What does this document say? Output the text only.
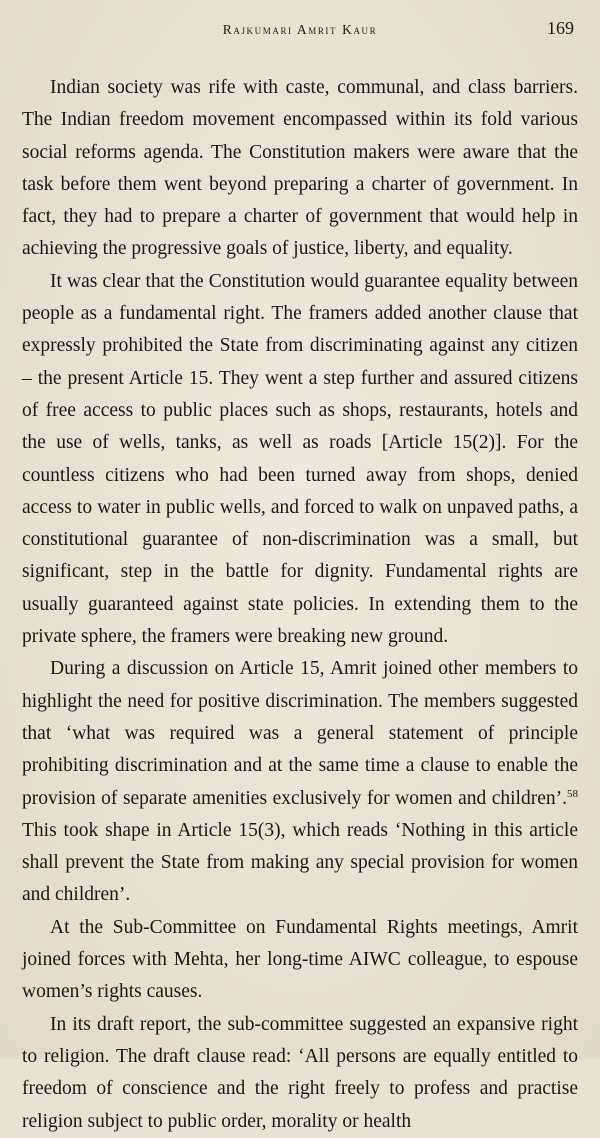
Rajkumari Amrit Kaur	169

Indian society was rife with caste, communal, and class barriers. The Indian freedom movement encompassed within its fold various social reforms agenda. The Constitution makers were aware that the task before them went beyond preparing a charter of government. In fact, they had to prepare a charter of government that would help in achieving the progressive goals of justice, liberty, and equality.

It was clear that the Constitution would guarantee equality between people as a fundamental right. The framers added another clause that expressly prohibited the State from discriminating against any citizen – the present Article 15. They went a step further and assured citizens of free access to public places such as shops, restaurants, hotels and the use of wells, tanks, as well as roads [Article 15(2)]. For the countless citizens who had been turned away from shops, denied access to water in public wells, and forced to walk on unpaved paths, a constitutional guarantee of non-discrimination was a small, but significant, step in the battle for dignity. Fundamental rights are usually guaranteed against state policies. In extending them to the private sphere, the framers were breaking new ground.

During a discussion on Article 15, Amrit joined other members to highlight the need for positive discrimination. The members suggested that ‘what was required was a general statement of principle prohibiting discrimination and at the same time a clause to enable the provision of separate amenities exclusively for women and children’.$^{58}$ This took shape in Article 15(3), which reads ‘Nothing in this article shall prevent the State from making any special provision for women and children’.

At the Sub-Committee on Fundamental Rights meetings, Amrit joined forces with Mehta, her long-time AIWC colleague, to espouse women’s rights causes.

In its draft report, the sub-committee suggested an expansive right to religion. The draft clause read: ‘All persons are equally entitled to freedom of conscience and the right freely to profess and practise religion subject to public order, morality or health
